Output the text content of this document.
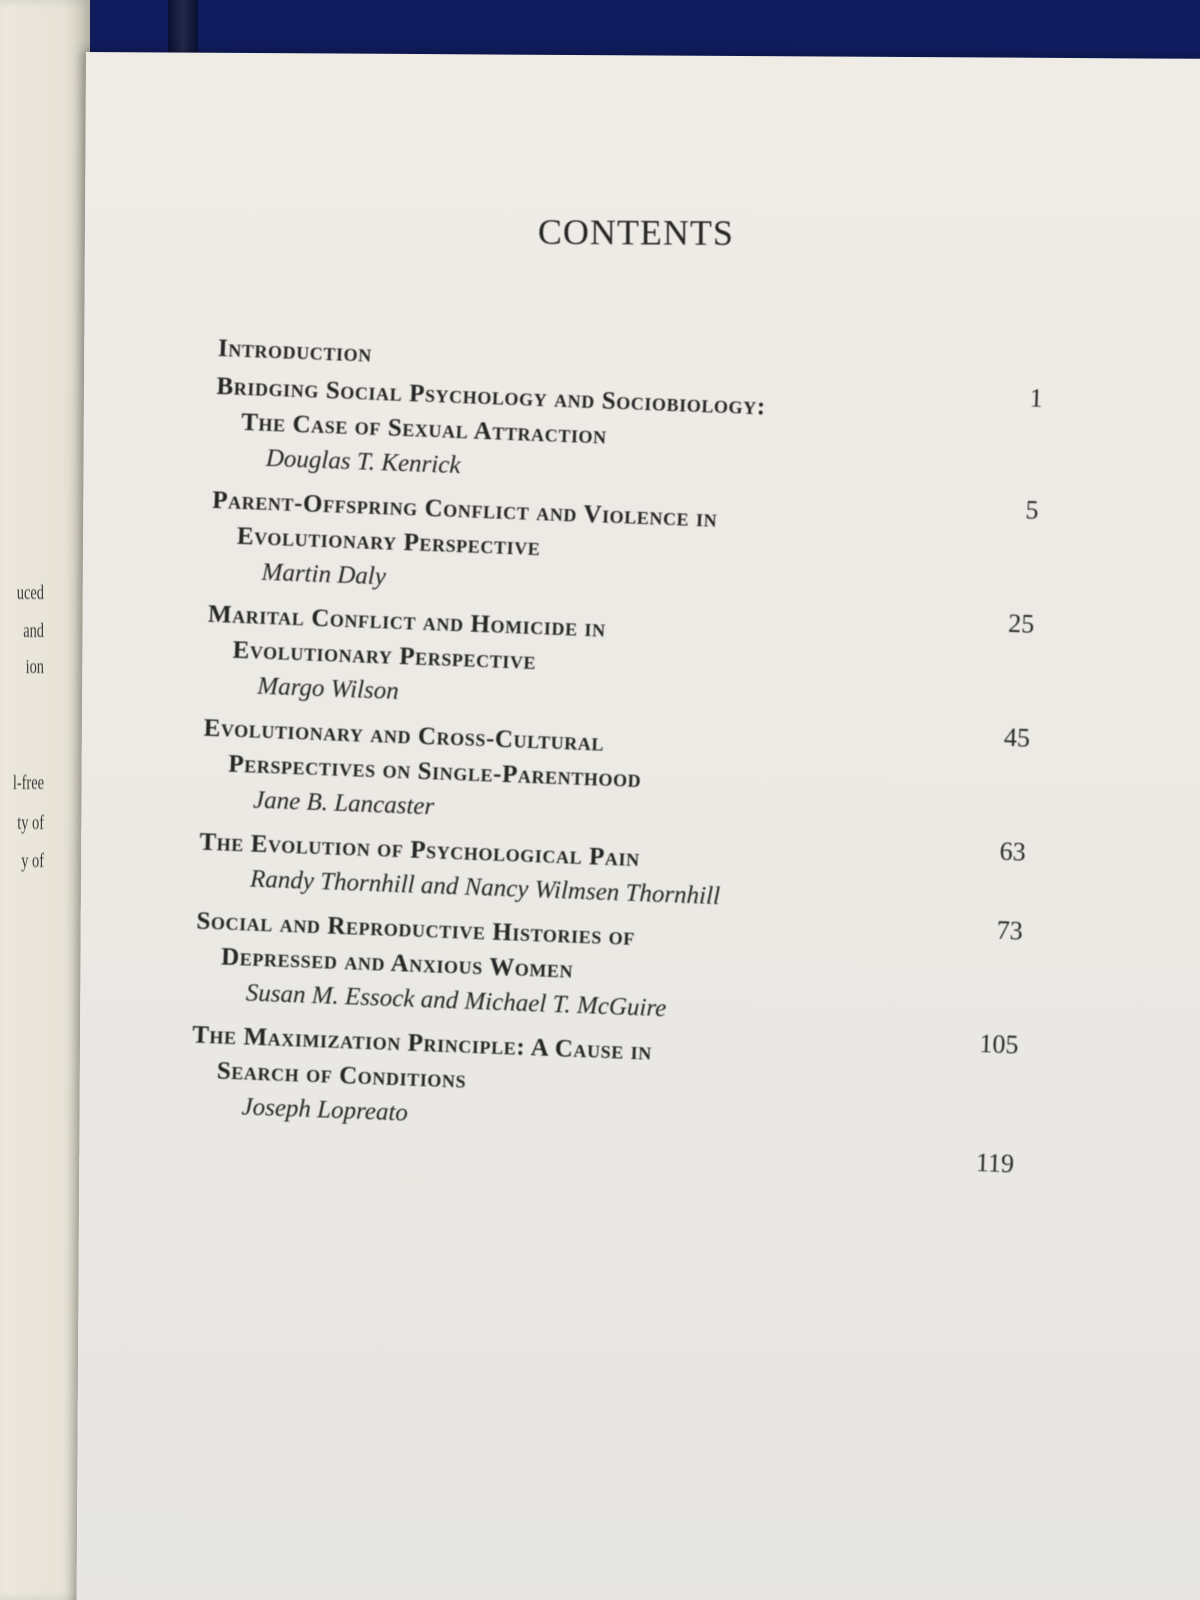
uced
and
ion
l-free
ty of
y of
CONTENTS
Introduction
1
Bridging Social Psychology and Sociobiology:
The Case of Sexual Attraction
Douglas T. Kenrick
5
Parent-Offspring Conflict and Violence in
Evolutionary Perspective
Martin Daly
25
Marital Conflict and Homicide in
Evolutionary Perspective
Margo Wilson
45
Evolutionary and Cross-Cultural
Perspectives on Single-Parenthood
Jane B. Lancaster
63
The Evolution of Psychological Pain
Randy Thornhill and Nancy Wilmsen Thornhill
73
Social and Reproductive Histories of
Depressed and Anxious Women
Susan M. Essock and Michael T. McGuire
105
The Maximization Principle: A Cause in
Search of Conditions
Joseph Lopreato
119
